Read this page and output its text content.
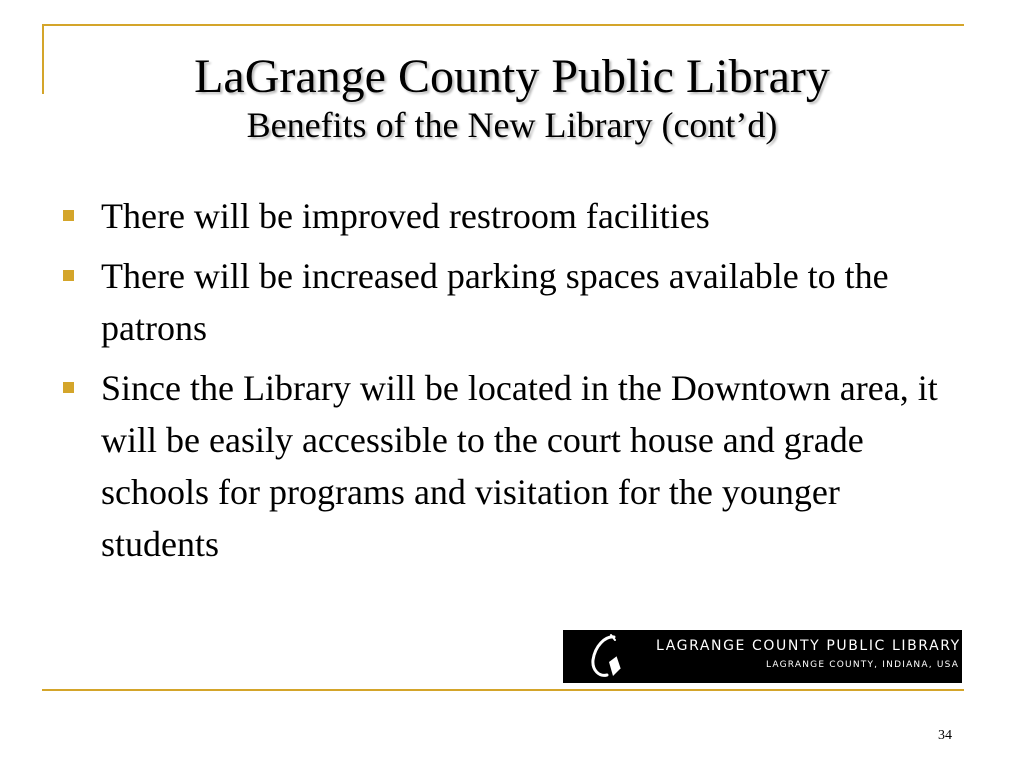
LaGrange County Public Library
Benefits of the New Library (cont’d)
There will be improved restroom facilities
There will be increased parking spaces available to the patrons
Since the Library will be located in the Downtown area, it will be easily accessible to the court house and grade schools for programs and visitation for the younger students
LAGRANGE COUNTY PUBLIC LIBRARY
LAGRANGE COUNTY, INDIANA, USA
34
